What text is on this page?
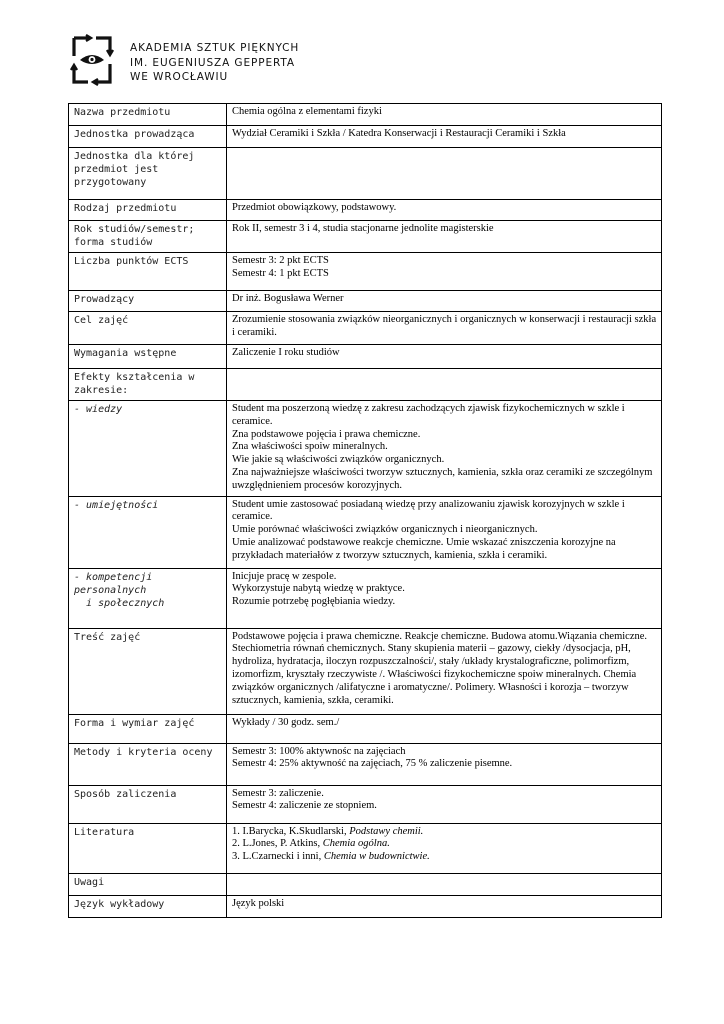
AKADEMIA SZTUK PIĘKNYCH
IM. EUGENIUSZA GEPPERTA
WE WROCŁAWIU
Nazwa przedmiotu	Chemia ogólna z elementami fizyki

Jednostka prowadząca	Wydział Ceramiki i Szkła / Katedra Konserwacji i Restauracji Ceramiki i Szkła

Jednostka dla której przedmiot jest przygotowany	
Rodzaj przedmiotu	Przedmiot obowiązkowy, podstawowy.

Rok studiów/semestr; forma studiów	Rok II, semestr 3 i 4, studia stacjonarne jednolite magisterskie

Liczba punktów ECTS	Semestr 3: 2 pkt ECTS
Semestr 4: 1 pkt ECTS

Prowadzący	Dr inż. Bogusława Werner

Cel zajęć	Zrozumienie stosowania związków nieorganicznych i organicznych w konserwacji i restauracji szkła i ceramiki.

Wymagania wstępne	Zaliczenie I roku studiów

Efekty kształcenia w zakresie:	
- wiedzy	Student ma poszerzoną wiedzę z zakresu zachodzących zjawisk fizykochemicznych w szkle i ceramice.
Zna podstawowe pojęcia i prawa chemiczne.
Zna właściwości spoiw mineralnych.
Wie jakie są właściwości związków organicznych.
Zna najważniejsze właściwości tworzyw sztucznych, kamienia, szkła oraz ceramiki ze szczególnym uwzględnieniem procesów korozyjnych.

- umiejętności	Student umie zastosować posiadaną wiedzę przy analizowaniu zjawisk korozyjnych w szkle i ceramice.
Umie porównać właściwości związków organicznych i nieorganicznych.
Umie analizować podstawowe reakcje chemiczne. Umie wskazać zniszczenia korozyjne na przykładach materiałów z tworzyw sztucznych, kamienia, szkła i ceramiki.

- kompetencji personalnych
i społecznych	Inicjuje pracę w zespole.
Wykorzystuje nabytą wiedzę w praktyce.
Rozumie potrzebę pogłębiania wiedzy.

Treść zajęć	Podstawowe pojęcia i prawa chemiczne. Reakcje chemiczne. Budowa atomu.Wiązania chemiczne. Stechiometria równań chemicznych. Stany skupienia materii – gazowy, ciekły /dysocjacja, pH, hydroliza, hydratacja, iloczyn rozpuszczalności/, stały /układy krystalograficzne, polimorfizm, izomorfizm, kryształy rzeczywiste /. Właściwości fizykochemiczne spoiw mineralnych. Chemia związków organicznych /alifatyczne i aromatyczne/. Polimery. Własności i korozja – tworzyw sztucznych, kamienia, szkła, ceramiki.

Forma i wymiar zajęć	Wykłady / 30 godz. sem./

Metody i kryteria oceny	Semestr 3: 100% aktywnośc na zajęciach
Semestr 4: 25% aktywność na zajęciach, 75 % zaliczenie pisemne.

Sposób zaliczenia	Semestr 3: zaliczenie.
Semestr 4: zaliczenie ze stopniem.

Literatura	1. I.Barycka, K.Skudlarski, Podstawy chemii.
2. L.Jones, P. Atkins, Chemia ogólna.
3. L.Czarnecki i inni, Chemia w budownictwie.

Uwagi	
Język wykładowy	Język polski
